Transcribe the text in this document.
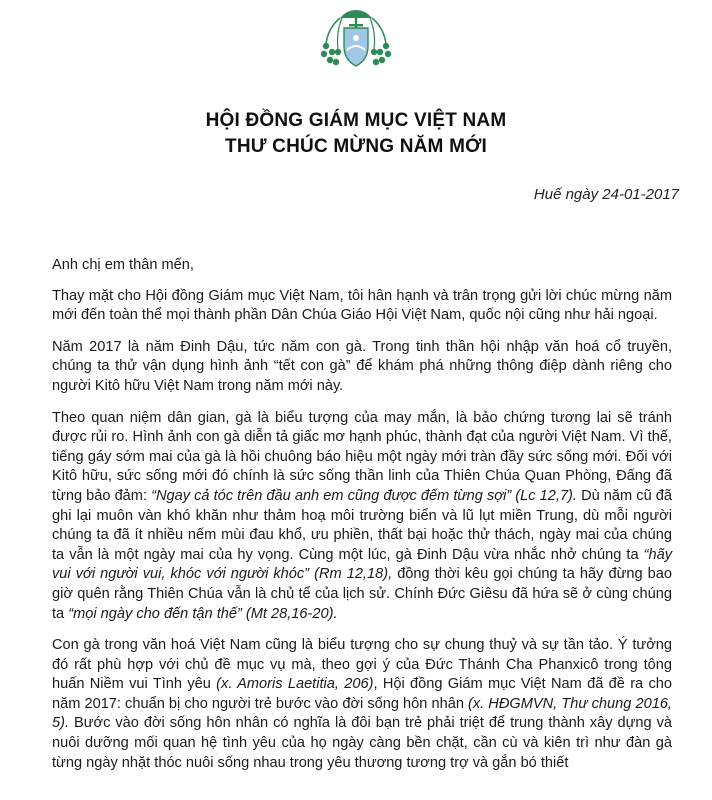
HỘI ĐỒNG GIÁM MỤC VIỆT NAM
THƯ CHÚC MỪNG NĂM MỚI
Huế ngày 24-01-2017

Anh chị em thân mến,

Thay mặt cho Hội đồng Giám mục Việt Nam, tôi hân hạnh và trân trọng gửi lời chúc mừng năm mới đến toàn thể mọi thành phần Dân Chúa Giáo Hội Việt Nam, quốc nội cũng như hải ngoại.

Năm 2017 là năm Đinh Dậu, tức năm con gà. Trong tinh thần hội nhập văn hoá cổ truyền, chúng ta thử vận dụng hình ảnh “tết con gà” để khám phá những thông điệp dành riêng cho người Kitô hữu Việt Nam trong năm mới này.

Theo quan niệm dân gian, gà là biểu tượng của may mắn, là bảo chứng tương lai sẽ tránh được rủi ro. Hình ảnh con gà diễn tả giấc mơ hạnh phúc, thành đạt của người Việt Nam. Vì thế, tiếng gáy sớm mai của gà là hồi chuông báo hiệu một ngày mới tràn đầy sức sống mới. Đối với Kitô hữu, sức sống mới đó chính là sức sống thần linh của Thiên Chúa Quan Phòng, Đấng đã từng bảo đảm: “Ngay cả tóc trên đầu anh em cũng được đếm từng sợi” (Lc 12,7). Dù năm cũ đã ghi lại muôn vàn khó khăn như thảm hoạ môi trường biển và lũ lụt miền Trung, dù mỗi người chúng ta đã ít nhiều nếm mùi đau khổ, ưu phiền, thất bại hoặc thử thách, ngày mai của chúng ta vẫn là một ngày mai của hy vọng. Cùng một lúc, gà Đinh Dậu vừa nhắc nhở chúng ta “hãy vui với người vui, khóc với người khóc” (Rm 12,18), đồng thời kêu gọi chúng ta hãy đừng bao giờ quên rằng Thiên Chúa vẫn là chủ tể của lịch sử. Chính Đức Giêsu đã hứa sẽ ở cùng chúng ta “mọi ngày cho đến tận thế” (Mt 28,16-20).

Con gà trong văn hoá Việt Nam cũng là biểu tượng cho sự chung thuỷ và sự tần tảo. Ý tưởng đó rất phù hợp với chủ đề mục vụ mà, theo gợi ý của Đức Thánh Cha Phanxicô trong tông huấn Niềm vui Tình yêu (x. Amoris Laetitia, 206), Hội đồng Giám mục Việt Nam đã đề ra cho năm 2017: chuẩn bị cho người trẻ bước vào đời sống hôn nhân (x. HĐGMVN, Thư chung 2016, 5). Bước vào đời sống hôn nhân có nghĩa là đôi bạn trẻ phải triệt để trung thành xây dựng và nuôi dưỡng mối quan hệ tình yêu của họ ngày càng bền chặt, cần cù và kiên trì như đàn gà từng ngày nhặt thóc nuôi sống nhau trong yêu thương tương trợ và gắn bó thiết
